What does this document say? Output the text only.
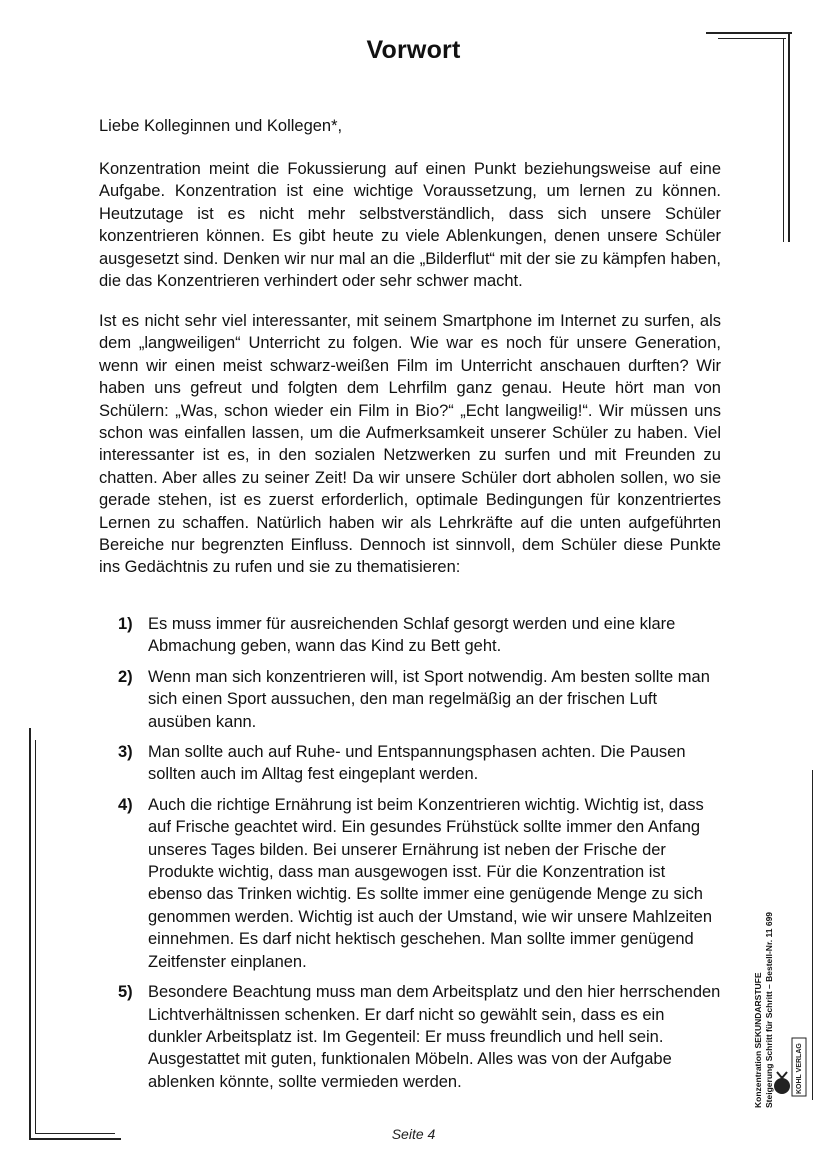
Vorwort
Liebe Kolleginnen und Kollegen*,
Konzentration meint die Fokussierung auf einen Punkt beziehungsweise auf eine Aufgabe. Konzentration ist eine wichtige Voraussetzung, um lernen zu können. Heutzutage ist es nicht mehr selbstverständlich, dass sich unsere Schüler konzentrieren können. Es gibt heute zu viele Ablenkungen, denen unsere Schüler ausgesetzt sind. Denken wir nur mal an die „Bilderflut“ mit der sie zu kämpfen haben, die das Konzentrieren verhindert oder sehr schwer macht.
Ist es nicht sehr viel interessanter, mit seinem Smartphone im Internet zu surfen, als dem „langweiligen“ Unterricht zu folgen. Wie war es noch für unsere Generation, wenn wir einen meist schwarz-weißen Film im Unterricht anschauen durften? Wir haben uns gefreut und folgten dem Lehrfilm ganz genau. Heute hört man von Schülern: „Was, schon wieder ein Film in Bio?“ „Echt langweilig!“. Wir müssen uns schon was einfallen lassen, um die Aufmerksamkeit unserer Schüler zu haben. Viel interessanter ist es, in den sozialen Netzwerken zu surfen und mit Freunden zu chatten. Aber alles zu seiner Zeit! Da wir unsere Schüler dort abholen sollen, wo sie gerade stehen, ist es zuerst erforderlich, optimale Bedingungen für konzentriertes Lernen zu schaffen. Natürlich haben wir als Lehrkräfte auf die unten aufgeführten Bereiche nur begrenzten Einfluss. Dennoch ist sinnvoll, dem Schüler diese Punkte ins Gedächtnis zu rufen und sie zu thematisieren:
1) Es muss immer für ausreichenden Schlaf gesorgt werden und eine klare Abmachung geben, wann das Kind zu Bett geht.
2) Wenn man sich konzentrieren will, ist Sport notwendig. Am besten sollte man sich einen Sport aussuchen, den man regelmäßig an der frischen Luft ausüben kann.
3) Man sollte auch auf Ruhe- und Entspannungsphasen achten. Die Pausen sollten auch im Alltag fest eingeplant werden.
4) Auch die richtige Ernährung ist beim Konzentrieren wichtig. Wichtig ist, dass auf Frische geachtet wird. Ein gesundes Frühstück sollte immer den Anfang unseres Tages bilden. Bei unserer Ernährung ist neben der Frische der Produkte wichtig, dass man ausgewogen isst. Für die Konzentration ist ebenso das Trinken wichtig. Es sollte immer eine genügende Menge zu sich genommen werden. Wichtig ist auch der Umstand, wie wir unsere Mahlzeiten einnehmen. Es darf nicht hektisch geschehen. Man sollte immer genügend Zeitfenster einplanen.
5) Besondere Beachtung muss man dem Arbeitsplatz und den hier herrschenden Lichtverhältnissen schenken. Er darf nicht so gewählt sein, dass es ein dunkler Arbeitsplatz ist. Im Gegenteil: Er muss freundlich und hell sein. Ausgestattet mit guten, funktionalen Möbeln. Alles was von der Aufgabe ablenken könnte, sollte vermieden werden.	Konzentration SEKUNDARSTUFE Steigerung Schritt für Schritt – Bestell-Nr. 11 699	KOHL VERLAG
Seite 4
